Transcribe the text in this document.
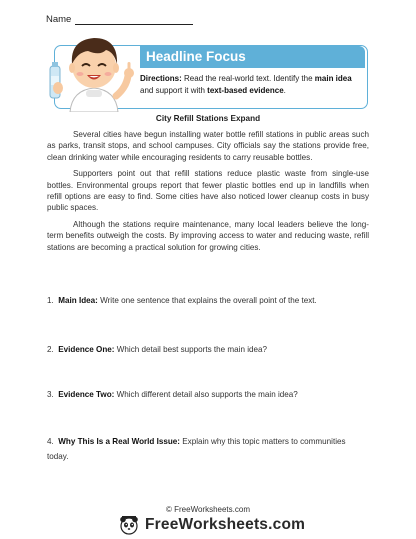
Name
Headline Focus
Directions: Read the real-world text. Identify the main idea and support it with text-based evidence.
City Refill Stations Expand

Several cities have begun installing water bottle refill stations in public areas such as parks, transit stops, and school campuses. City officials say the stations provide free, clean drinking water while encouraging residents to carry reusable bottles.

Supporters point out that refill stations reduce plastic waste from single-use bottles. Environmental groups report that fewer plastic bottles end up in landfills when refill options are easy to find. Some cities have also noticed lower cleanup costs in busy public spaces.

Although the stations require maintenance, many local leaders believe the long-term benefits outweigh the costs. By improving access to water and reducing waste, refill stations are becoming a practical solution for growing cities.

1. Main Idea: Write one sentence that explains the overall point of the text.
2. Evidence One: Which detail best supports the main idea?
3. Evidence Two: Which different detail also supports the main idea?
4. Why This Is a Real World Issue: Explain why this topic matters to communities today.
© FreeWorksheets.com
FreeWorksheets.com
